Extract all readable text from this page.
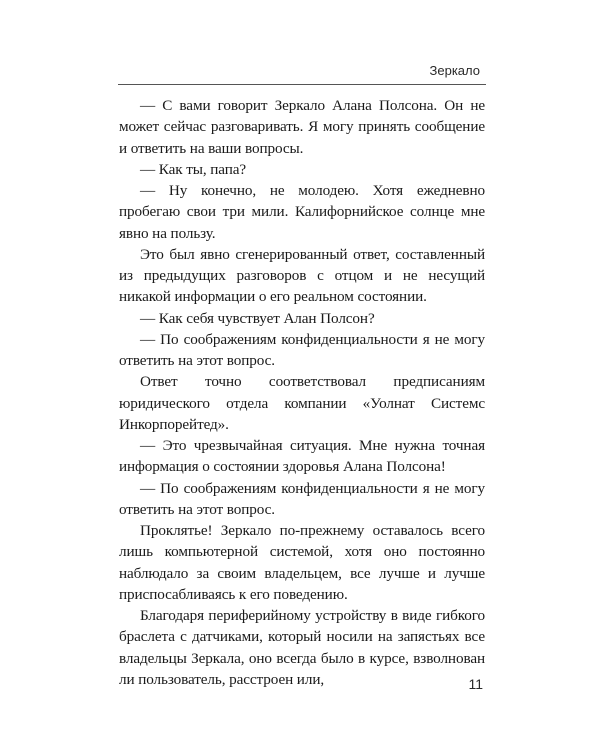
Зеркало

— С вами говорит Зеркало Алана Полсона. Он не может сейчас разговаривать. Я могу принять сообщение и ответить на ваши вопросы.

— Как ты, папа?

— Ну конечно, не молодею. Хотя ежедневно пробегаю свои три мили. Калифорнийское солнце мне явно на пользу.

Это был явно сгенерированный ответ, составленный из предыдущих разговоров с отцом и не несущий никакой информации о его реальном состоянии.

— Как себя чувствует Алан Полсон?

— По соображениям конфиденциальности я не могу ответить на этот вопрос.

Ответ точно соответствовал предписаниям юридического отдела компании «Уолнат Системс Инкорпорейтед».

— Это чрезвычайная ситуация. Мне нужна точная информация о состоянии здоровья Алана Полсона!

— По соображениям конфиденциальности я не могу ответить на этот вопрос.

Проклятье! Зеркало по-прежнему оставалось всего лишь компьютерной системой, хотя оно постоянно наблюдало за своим владельцем, все лучше и лучше приспосабливаясь к его поведению.

Благодаря периферийному устройству в виде гибкого браслета с датчиками, который носили на запястьях все владельцы Зеркала, оно всегда было в курсе, взволнован ли пользователь, расстроен или,	11
